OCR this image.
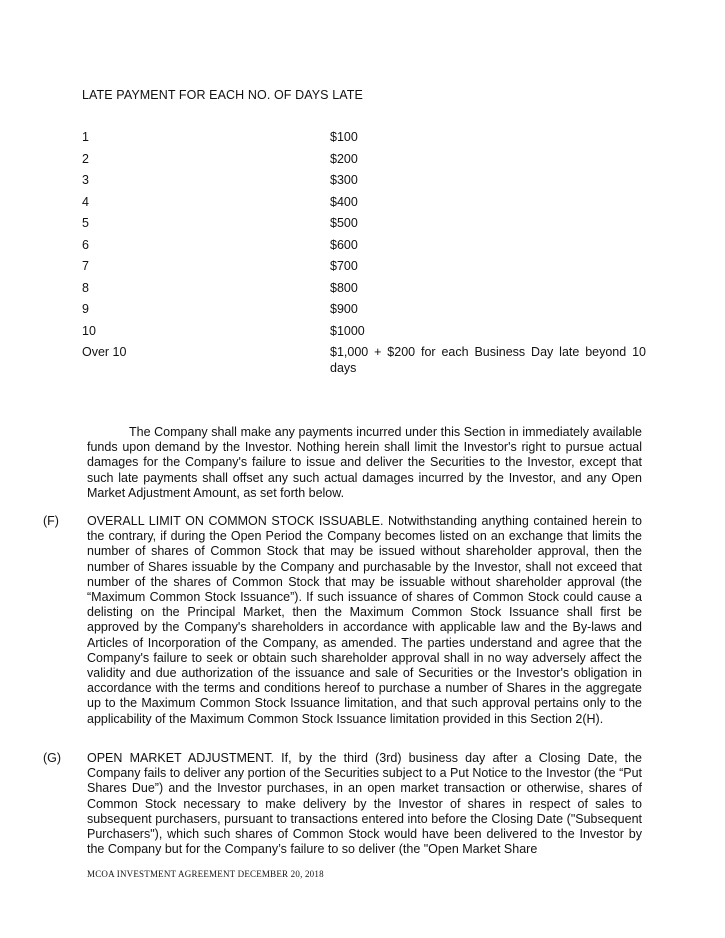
LATE PAYMENT FOR EACH NO. OF DAYS LATE
1	$100
2	$200
3	$300
4	$400
5	$500
6	$600
7	$700
8	$800
9	$900
10	$1000
Over 10	$1,000 + $200 for each Business Day late beyond 10 days
The Company shall make any payments incurred under this Section in immediately available funds upon demand by the Investor. Nothing herein shall limit the Investor's right to pursue actual damages for the Company's failure to issue and deliver the Securities to the Investor, except that such late payments shall offset any such actual damages incurred by the Investor, and any Open Market Adjustment Amount, as set forth below.
(F) OVERALL LIMIT ON COMMON STOCK ISSUABLE. Notwithstanding anything contained herein to the contrary, if during the Open Period the Company becomes listed on an exchange that limits the number of shares of Common Stock that may be issued without shareholder approval, then the number of Shares issuable by the Company and purchasable by the Investor, shall not exceed that number of the shares of Common Stock that may be issuable without shareholder approval (the “Maximum Common Stock Issuance”). If such issuance of shares of Common Stock could cause a delisting on the Principal Market, then the Maximum Common Stock Issuance shall first be approved by the Company's shareholders in accordance with applicable law and the By-laws and Articles of Incorporation of the Company, as amended. The parties understand and agree that the Company's failure to seek or obtain such shareholder approval shall in no way adversely affect the validity and due authorization of the issuance and sale of Securities or the Investor's obligation in accordance with the terms and conditions hereof to purchase a number of Shares in the aggregate up to the Maximum Common Stock Issuance limitation, and that such approval pertains only to the applicability of the Maximum Common Stock Issuance limitation provided in this Section 2(H).
(G) OPEN MARKET ADJUSTMENT. If, by the third (3rd) business day after a Closing Date, the Company fails to deliver any portion of the Securities subject to a Put Notice to the Investor (the “Put Shares Due”) and the Investor purchases, in an open market transaction or otherwise, shares of Common Stock necessary to make delivery by the Investor of shares in respect of sales to subsequent purchasers, pursuant to transactions entered into before the Closing Date ("Subsequent Purchasers"), which such shares of Common Stock would have been delivered to the Investor by the Company but for the Company’s failure to so deliver (the "Open Market Share
MCOA INVESTMENT AGREEMENT DECEMBER 20, 2018
